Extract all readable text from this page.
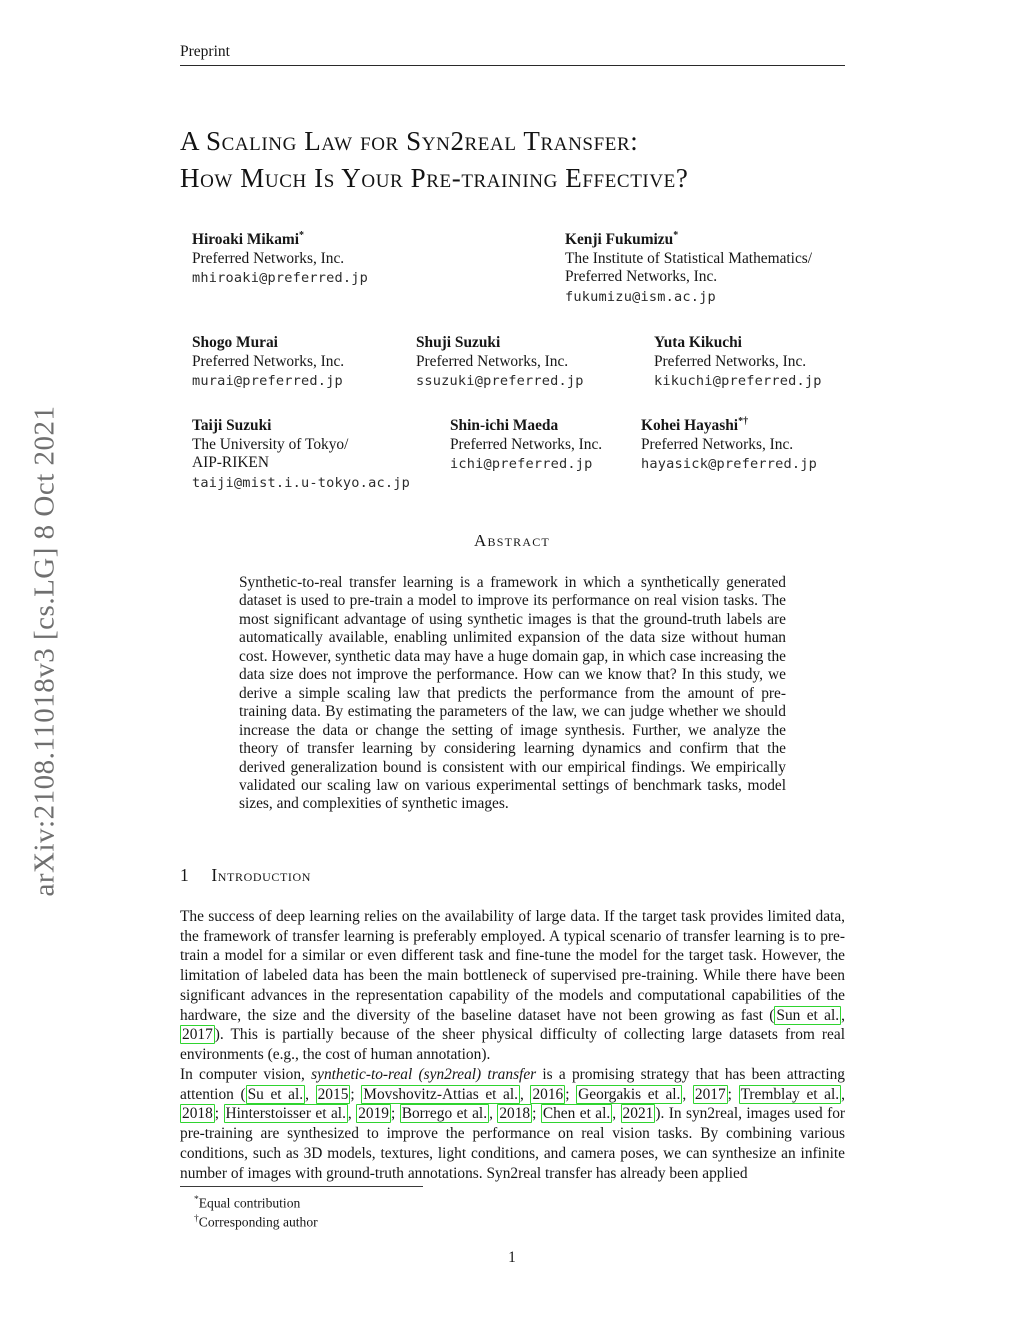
arXiv:2108.11018v3 [cs.LG] 8 Oct 2021
Preprint
A Scaling Law for Syn2real Transfer:
How Much Is Your Pre-training Effective?
Hiroaki Mikami*
Preferred Networks, Inc.
mhiroaki@preferred.jp
Kenji Fukumizu*
The Institute of Statistical Mathematics/
Preferred Networks, Inc.
fukumizu@ism.ac.jp
Shogo Murai
Preferred Networks, Inc.
murai@preferred.jp
Shuji Suzuki
Preferred Networks, Inc.
ssuzuki@preferred.jp
Yuta Kikuchi
Preferred Networks, Inc.
kikuchi@preferred.jp
Taiji Suzuki
The University of Tokyo/
AIP-RIKEN
taiji@mist.i.u-tokyo.ac.jp
Shin-ichi Maeda
Preferred Networks, Inc.
ichi@preferred.jp
Kohei Hayashi*†
Preferred Networks, Inc.
hayasick@preferred.jp
Abstract

Synthetic-to-real transfer learning is a framework in which a synthetically generated dataset is used to pre-train a model to improve its performance on real vision tasks. The most significant advantage of using synthetic images is that the ground-truth labels are automatically available, enabling unlimited expansion of the data size without human cost. However, synthetic data may have a huge domain gap, in which case increasing the data size does not improve the performance. How can we know that? In this study, we derive a simple scaling law that predicts the performance from the amount of pre-training data. By estimating the parameters of the law, we can judge whether we should increase the data or change the setting of image synthesis. Further, we analyze the theory of transfer learning by considering learning dynamics and confirm that the derived generalization bound is consistent with our empirical findings. We empirically validated our scaling law on various experimental settings of benchmark tasks, model sizes, and complexities of synthetic images.

1 Introduction

The success of deep learning relies on the availability of large data. If the target task provides limited data, the framework of transfer learning is preferably employed. A typical scenario of transfer learning is to pre-train a model for a similar or even different task and fine-tune the model for the target task. However, the limitation of labeled data has been the main bottleneck of supervised pre-training. While there have been significant advances in the representation capability of the models and computational capabilities of the hardware, the size and the diversity of the baseline dataset have not been growing as fast ( Sun et al. , 2017 ). This is partially because of the sheer physical difficulty of collecting large datasets from real environments (e.g., the cost of human annotation).

In computer vision, synthetic-to-real (syn2real) transfer is a promising strategy that has been attracting attention ( Su et al. , 2015 ; Movshovitz-Attias et al. , 2016 ; Georgakis et al. , 2017 ; Tremblay et al. , 2018 ; Hinterstoisser et al. , 2019 ; Borrego et al. , 2018 ; Chen et al. , 2021 ). In syn2real, images used for pre-training are synthesized to improve the performance on real vision tasks. By combining various conditions, such as 3D models, textures, light conditions, and camera poses, we can synthesize an infinite number of images with ground-truth annotations. Syn2real transfer has already been applied

*Equal contribution
†Corresponding author
1
